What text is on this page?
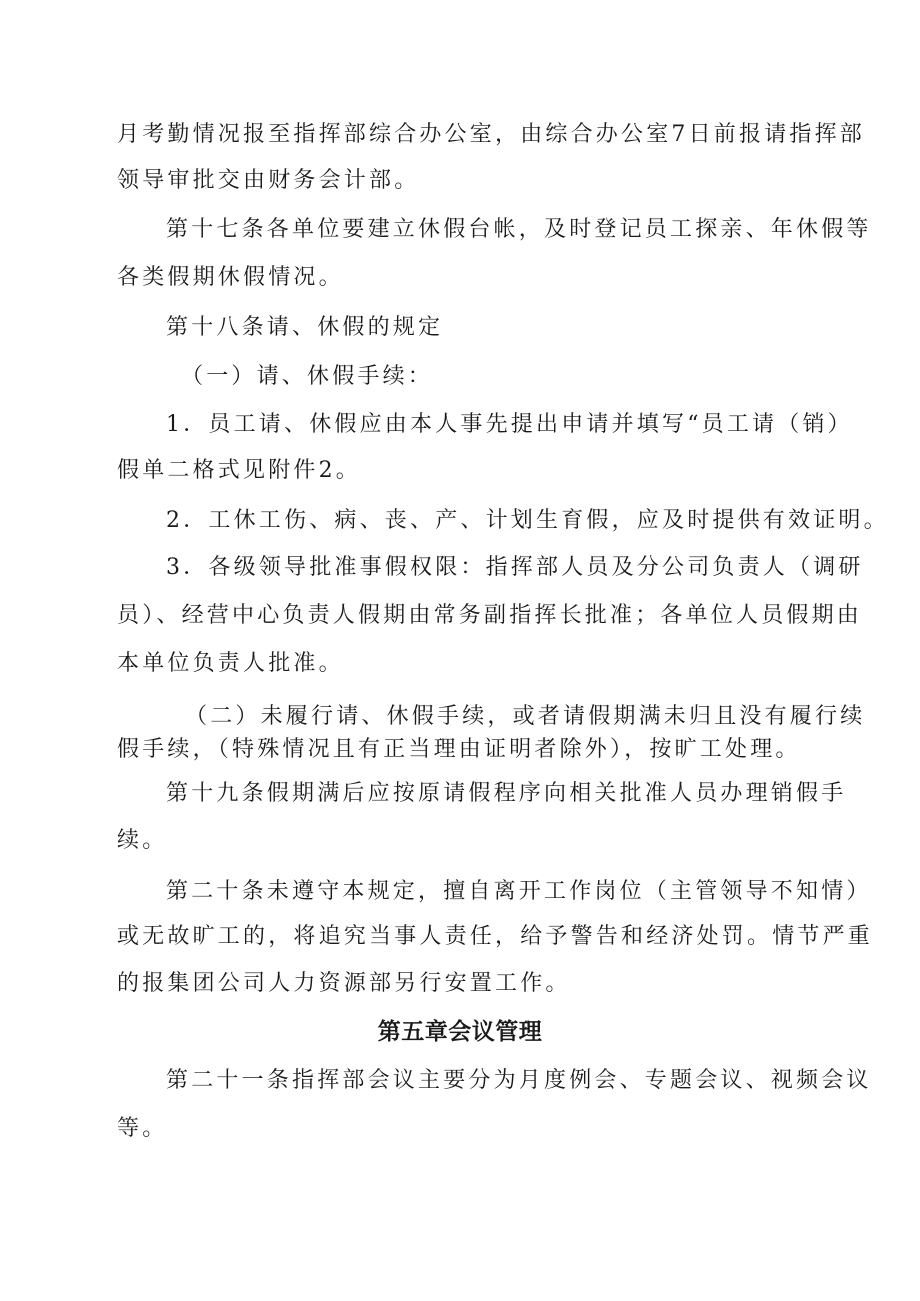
月考勤情况报至指挥部综合办公室，由综合办公室7日前报请指挥部
领导审批交由财务会计部。
第十七条各单位要建立休假台帐，及时登记员工探亲、年休假等
各类假期休假情况。
第十八条请、休假的规定
（一）请、休假手续：
1．员工请、休假应由本人事先提出申请并填写“员工请（销）
假单二格式见附件2。
2．工休工伤、病、丧、产、计划生育假，应及时提供有效证明。
3．各级领导批准事假权限：指挥部人员及分公司负责人（调研
员）、经营中心负责人假期由常务副指挥长批准；各单位人员假期由
本单位负责人批准。
（二）未履行请、休假手续，或者请假期满未归且没有履行续
假手续，（特殊情况且有正当理由证明者除外），按旷工处理。
第十九条假期满后应按原请假程序向相关批准人员办理销假手
续。
第二十条未遵守本规定，擅自离开工作岗位（主管领导不知情）
或无故旷工的，将追究当事人责任，给予警告和经济处罚。情节严重
的报集团公司人力资源部另行安置工作。
第五章会议管理
第二十一条指挥部会议主要分为月度例会、专题会议、视频会议
等。
